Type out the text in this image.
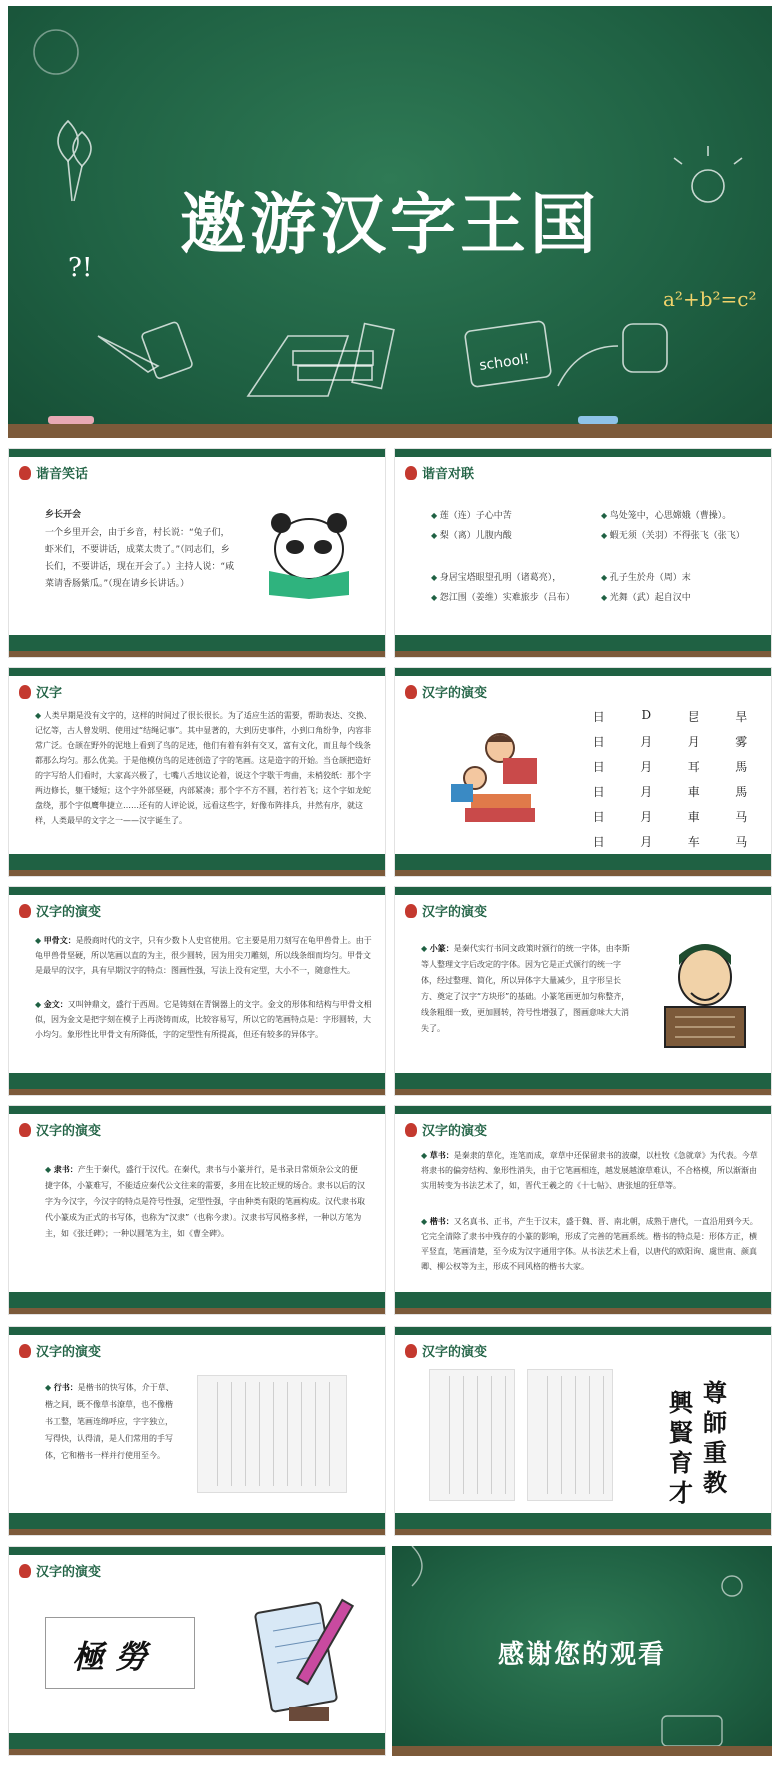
?!
school!
a²+b²=c²
邀游汉字王国
谐音笑话
乡长开会
一个乡里开会，由于乡音，村长说：“兔子们，虾米们，不要讲话，成菜太贵了。”（同志们，乡长们，不要讲话，现在开会了。）主持人说：“咸菜请香肠紫瓜。”（现在请乡长讲话。）
谐音对联
◆ 莲（连）子心中苦	◆ 鸟处笼中，心思嫦娥（曹操）。
◆ 梨（离）儿腹内酸	◆ 蝦无须（关羽）不得张飞（张飞）
◆ 身居宝塔眼望孔明（诸葛亮），	◆ 孔子生於舟（周）末
◆ 怨江围（姜维）实难旅步（吕布）	◆ 光舞（武）起自汉中
汉字
◆ 人类早期是没有文字的，这样的时间过了很长很长。为了适应生活的需要，帮助表达、交换、记忆等，古人曾发明、使用过“结绳记事”。其中显著的，大到历史事件，小到口角纷争，内容非常广泛。仓颉在野外的泥地上看到了鸟的足迹，他们有着有斜有交叉，富有文化，而且每个线条都那么均匀。那么优美。于是他模仿鸟的足迹创造了字的笔画。这是造字的开始。当仓颉把造好的字写给人们看时，大家高兴极了，七嘴八舌地议论着，说这个字歇干弯曲，未梢狡纸：那个字两边修长，躯干矮短；这个字外部坚硬，内部紧凑；那个字不方不圆，若行若飞；这个字如龙蛇盘绕，那个字似鹰隼捷立……还有的人评论说，远看这些字，好像布阵排兵，井然有序，就这样，人类最早的文字之一——汉字诞生了。
汉字的演变
日	D	㫐	旱
日	月	月	雾
日	月	耳	馬
日	月	車	馬
日	月	車	马
日	月	车	马
汉字的演变
◆ 甲骨文：是殷商时代的文字，只有少数卜人史官使用。它主要是用刀刻写在龟甲兽骨上。由于龟甲兽骨坚硬，所以笔画以直的为主，很少圆转，因为用尖刀雕刻，所以线条细而均匀。甲骨文是最早的汉字，具有早期汉字的特点：图画性强，写法上没有定型，大小不一，随意性大。
◆ 金文：又叫钟鼎文，盛行于西周。它是铸刻在青铜器上的文字。金文的形体和结构与甲骨文相似，因为金文是把字刻在模子上再浇铸而成，比较容易写，所以它的笔画特点是：字形圆转，大小均匀。象形性比甲骨文有所降低，字的定型性有所提高，但还有较多的异体字。
汉字的演变
◆ 小篆：是秦代实行书同文政策时颁行的统一字体，由李斯等人整理文字后改定的字体。因为它是正式颁行的统一字体，经过整理、简化，所以异体字大量减少，且字形呈长方、奠定了汉字“方块形”的基础。小篆笔画更加匀称整齐，线条粗细一致，更加圆转，符号性增强了，图画意味大大消失了。
汉字的演变
◆ 隶书：产生于秦代，盛行于汉代。在秦代，隶书与小篆并行，是书录日常烦杂公文的便捷字体，小篆难写，不能适应秦代公文往来的需要，多用在比较正规的场合。隶书以后的汉字为今汉字，今汉字的特点是符号性强，定型性强，字由种类有限的笔画构成。汉代隶书取代小篆成为正式的书写体，也称为“汉隶”（也称今隶）。汉隶书写风格多样，一种以方笔为主，如《张迁碑》；一种以圆笔为主，如《曹全碑》。
汉字的演变
◆ 草书：是秦隶的草化，连笔而成，章草中还保留隶书的波磔，以杜牧《急就章》为代表。今草将隶书的偏旁结构、象形性消失，由于它笔画相连，越发展越潦草难认，不合格模，所以渐渐由实用转变为书法艺术了，如，晋代王羲之的《十七帖》、唐张旭的狂草等。
◆ 楷书：又名真书、正书，产生于汉末，盛于魏、晋、南北朝，成熟于唐代，一直沿用到今天。它完全清除了隶书中残存的小篆的影响，形成了完善的笔画系统。楷书的特点是：形体方正，横平竖直，笔画清楚，至今成为汉字通用字体。从书法艺术上看，以唐代的欧阳询、虞世南、颜真卿、柳公权等为主，形成不同风格的楷书大家。
汉字的演变
◆ 行书：是楷书的快写体，介于草、楷之间，既不像草书潦草，也不像楷书工整，笔画连绵呼应，字字独立，写得快，认得清，是人们常用的手写体，它和楷书一样并行使用至今。
汉字的演变
尊
師
重
教
興
賢
育
才
汉字的演变
極 勞	感谢您的观看
